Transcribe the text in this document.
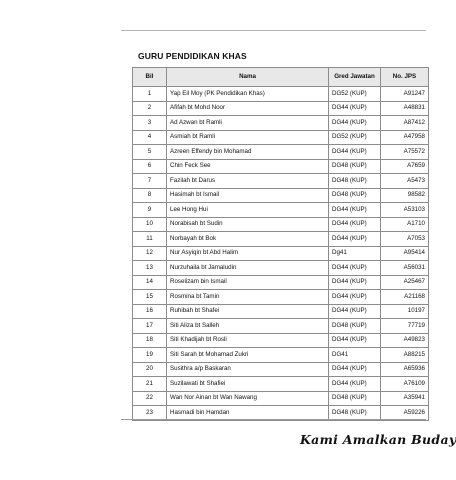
GURU PENDIDIKAN KHAS
Bil	Nama	Gred Jawatan	No. JPS
1	Yap Eil Moy (PK Pendidikan Khas)	DG52 (KUP)	A91247
2	Afifah bt Mohd Noor	DG44 (KUP)	A48831
3	Ad Azwan bt Ramli	DG44 (KUP)	A87412
4	Asmiah bt Ramli	DG52 (KUP)	A47958
5	Azreen Effendy bin Mohamad	DG44 (KUP)	A75572
6	Chin Feck See	DG48 (KUP)	A7659
7	Fazilah bt Darus	DG48 (KUP)	A5473
8	Hasimah bt Ismail	DG48 (KUP)	98582
9	Lee Hong Hui	DG44 (KUP)	A53103
10	Norabisah bt Sudin	DG44 (KUP)	A1710
11	Norbayah bt Bok	DG44 (KUP)	A7053
12	Nur Asyiqin bt Abd Halim	Dg41	A95414
13	Nurzuhaila bt Jamaludin	DG44 (KUP)	A56031
14	Roselizam bin Ismail	DG44 (KUP)	A25467
15	Rosmina bt Tamin	DG44 (KUP)	A21168
16	Ruhibah bt Shafei	DG44 (KUP)	10197
17	Siti Aliza bt Salleh	DG48 (KUP)	77719
18	Siti Khadijah bt Rosli	DG44 (KUP)	A49823
19	Siti Sarah bt Mohamad Zukri	DG41	A88215
20	Susithra a/p Baskaran	DG44 (KUP)	A65936
21	Suzilawati bt Shafiei	DG44 (KUP)	A76109
22	Wan Nor Ainan bt Wan Nawang	DG48 (KUP)	A35941
23	Hasmadi bin Hamdan	DG48 (KUP)	A59226
Kami Amalkan Buday
